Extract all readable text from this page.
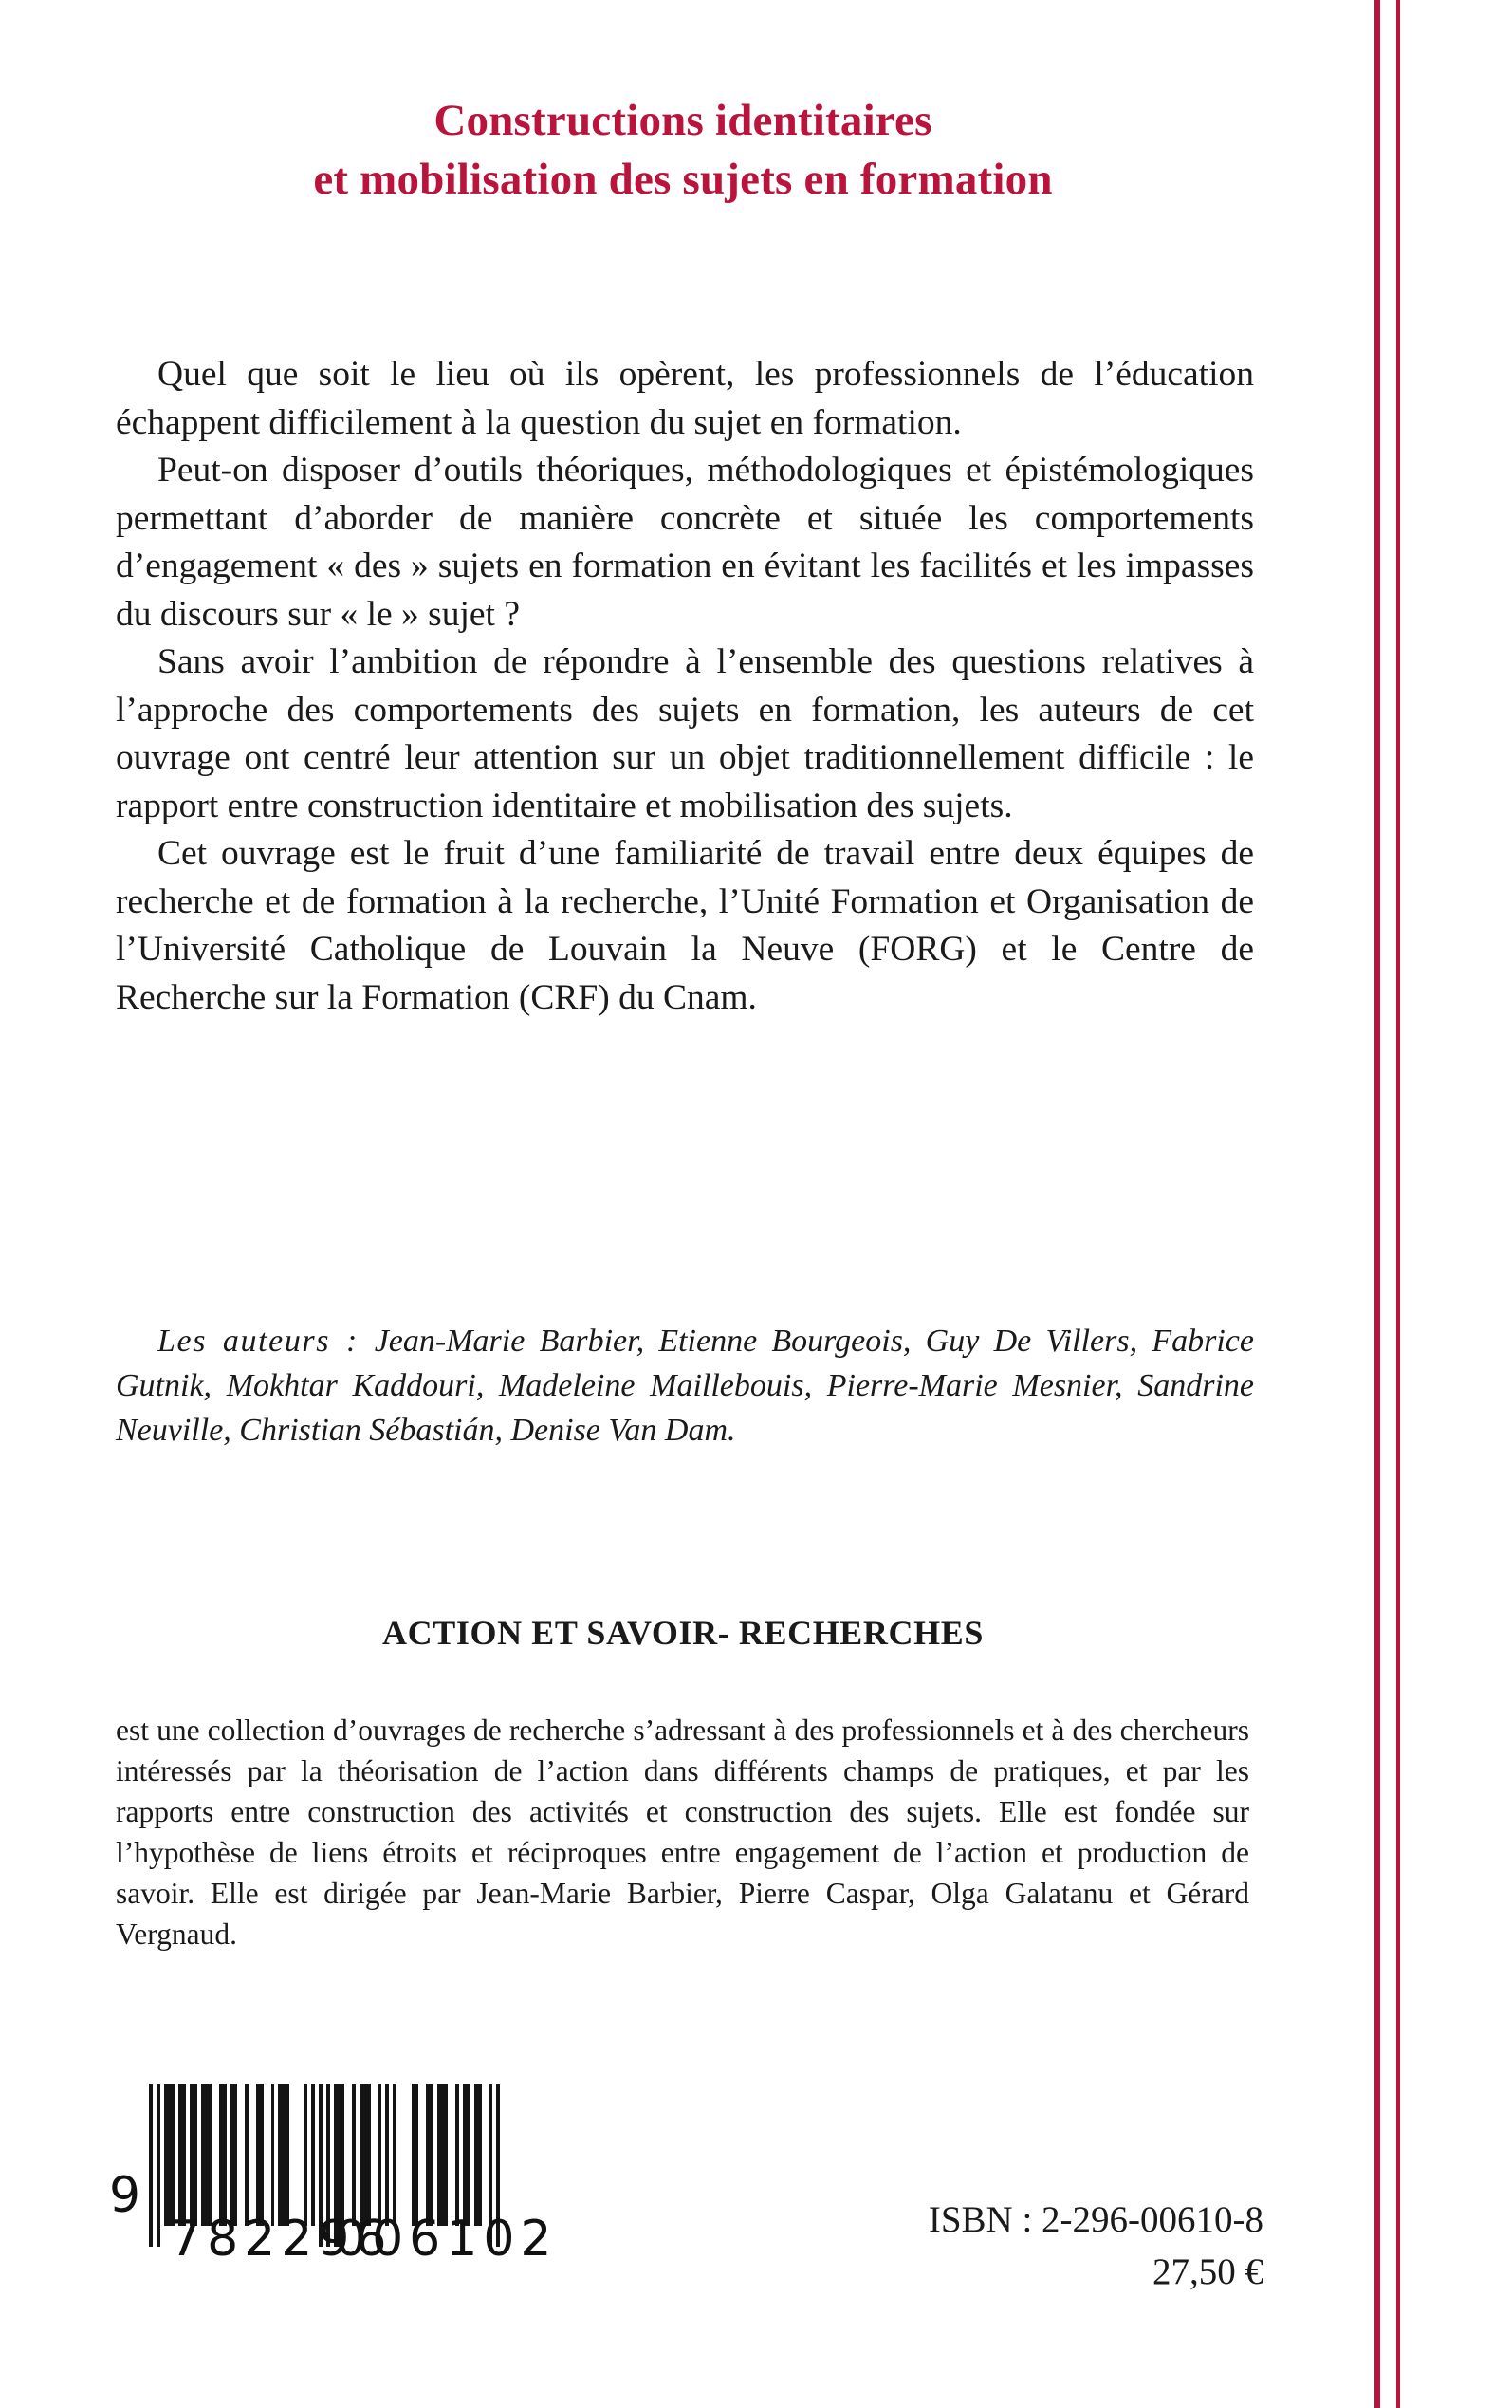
Constructions identitaires
et mobilisation des sujets en formation

Quel que soit le lieu où ils opèrent, les professionnels de l’éducation échappent difficilement à la question du sujet en formation.

Peut-on disposer d’outils théoriques, méthodologiques et épistémologiques permettant d’aborder de manière concrète et située les comportements d’engagement « des » sujets en formation en évitant les facilités et les impasses du discours sur « le » sujet ?

Sans avoir l’ambition de répondre à l’ensemble des questions relatives à l’approche des comportements des sujets en formation, les auteurs de cet ouvrage ont centré leur attention sur un objet traditionnellement difficile : le rapport entre construction identitaire et mobilisation des sujets.

Cet ouvrage est le fruit d’une familiarité de travail entre deux équipes de recherche et de formation à la recherche, l’Unité Formation et Organisation de l’Université Catholique de Louvain la Neuve (FORG) et le Centre de Recherche sur la Formation (CRF) du Cnam.

Les auteurs : Jean-Marie Barbier, Etienne Bourgeois, Guy De Villers, Fabrice Gutnik, Mokhtar Kaddouri, Madeleine Maillebouis, Pierre-Marie Mesnier, Sandrine Neuville, Christian Sébastián, Denise Van Dam.
ACTION ET SAVOIR- RECHERCHES

est une collection d’ouvrages de recherche s’adressant à des professionnels et à des chercheurs intéressés par la théorisation de l’action dans différents champs de pratiques, et par les rapports entre construction des activités et construction des sujets. Elle est fondée sur l’hypothèse de liens étroits et réciproques entre engagement de l’action et production de savoir. Elle est dirigée par Jean-Marie Barbier, Pierre Caspar, Olga Galatanu et Gérard Vergnaud.

9
782296
006102	ISBN : 2-296-00610-8
27,50 €
